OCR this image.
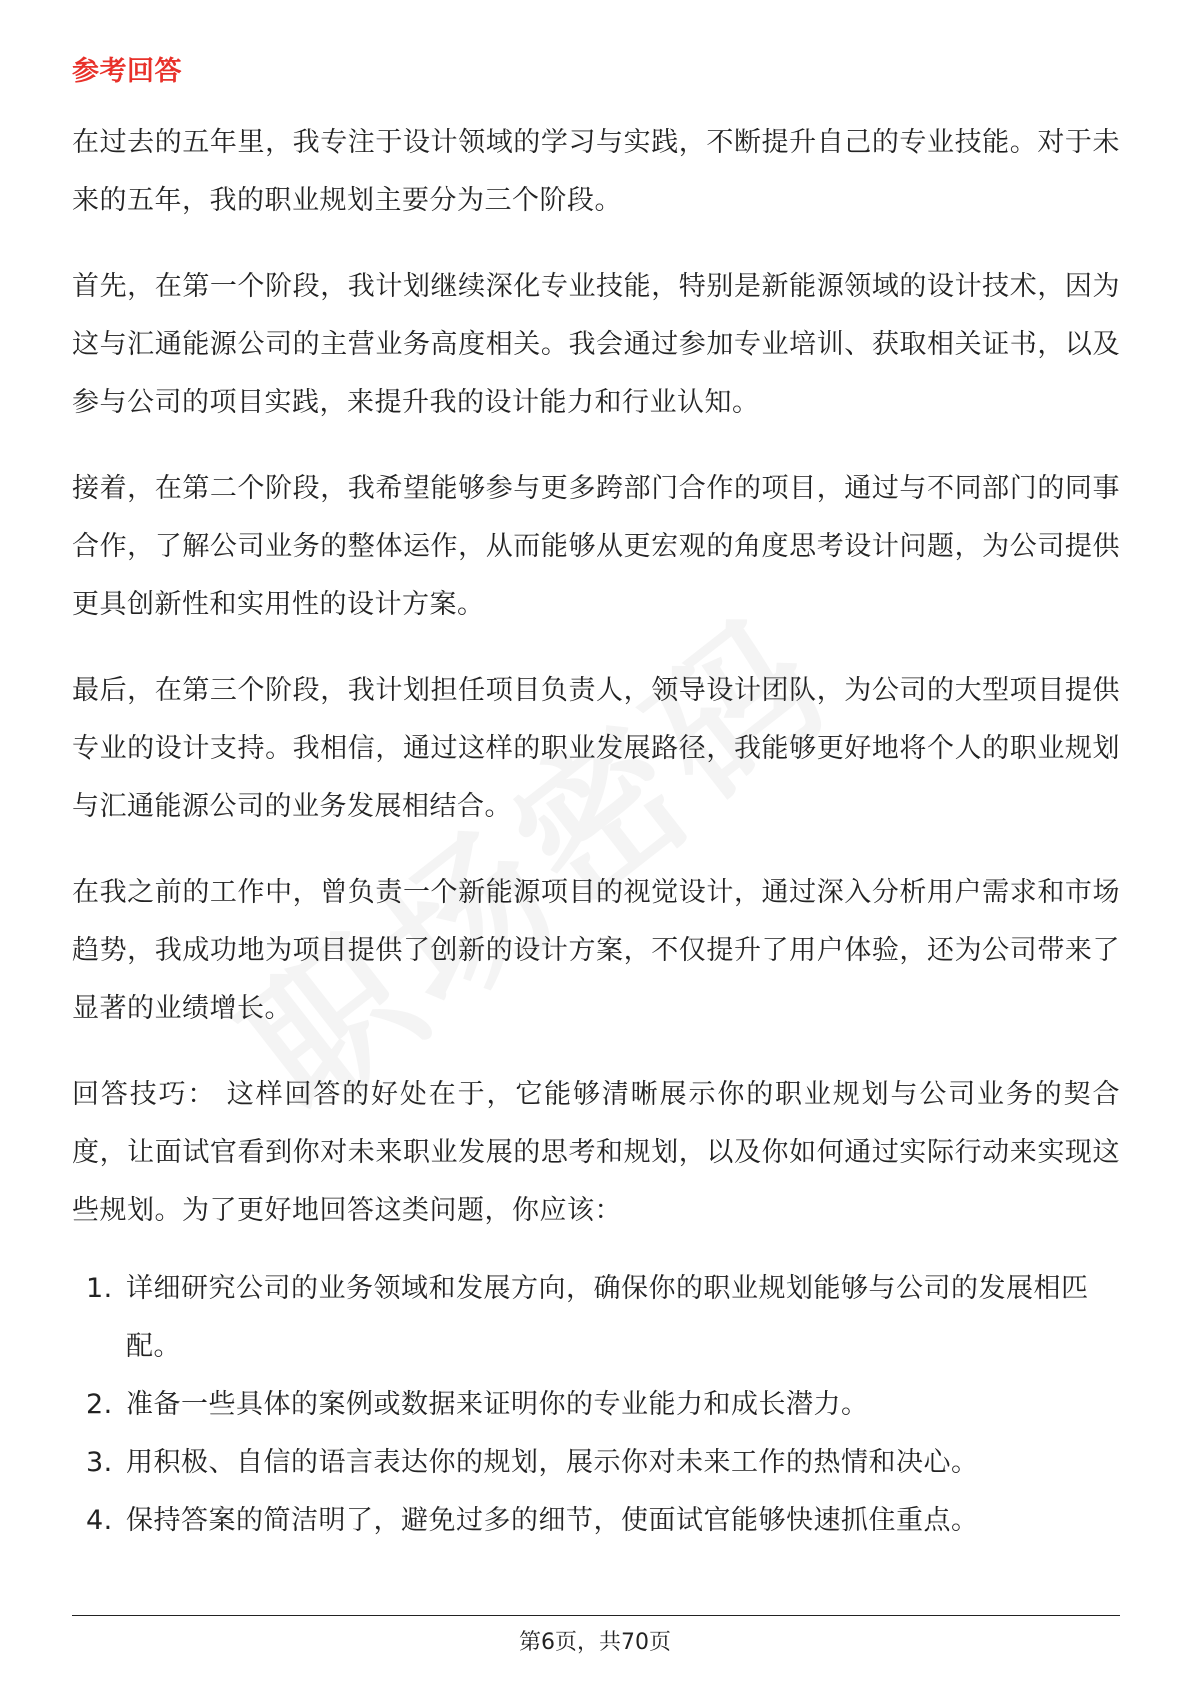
参考回答

在过去的五年里，我专注于设计领域的学习与实践，不断提升自己的专业技能。对于未来的五年，我的职业规划主要分为三个阶段。

首先，在第一个阶段，我计划继续深化专业技能，特别是新能源领域的设计技术，因为这与汇通能源公司的主营业务高度相关。我会通过参加专业培训、获取相关证书，以及参与公司的项目实践，来提升我的设计能力和行业认知。

接着，在第二个阶段，我希望能够参与更多跨部门合作的项目，通过与不同部门的同事合作，了解公司业务的整体运作，从而能够从更宏观的角度思考设计问题，为公司提供更具创新性和实用性的设计方案。

最后，在第三个阶段，我计划担任项目负责人，领导设计团队，为公司的大型项目提供专业的设计支持。我相信，通过这样的职业发展路径，我能够更好地将个人的职业规划与汇通能源公司的业务发展相结合。

在我之前的工作中，曾负责一个新能源项目的视觉设计，通过深入分析用户需求和市场趋势，我成功地为项目提供了创新的设计方案，不仅提升了用户体验，还为公司带来了显著的业绩增长。

回答技巧： 这样回答的好处在于，它能够清晰展示你的职业规划与公司业务的契合度，让面试官看到你对未来职业发展的思考和规划，以及你如何通过实际行动来实现这些规划。为了更好地回答这类问题，你应该：

1. 详细研究公司的业务领域和发展方向，确保你的职业规划能够与公司的发展相匹配。
2. 准备一些具体的案例或数据来证明你的专业能力和成长潜力。
3. 用积极、自信的语言表达你的规划，展示你对未来工作的热情和决心。
4. 保持答案的简洁明了，避免过多的细节，使面试官能够快速抓住重点。
第6页，共70页
